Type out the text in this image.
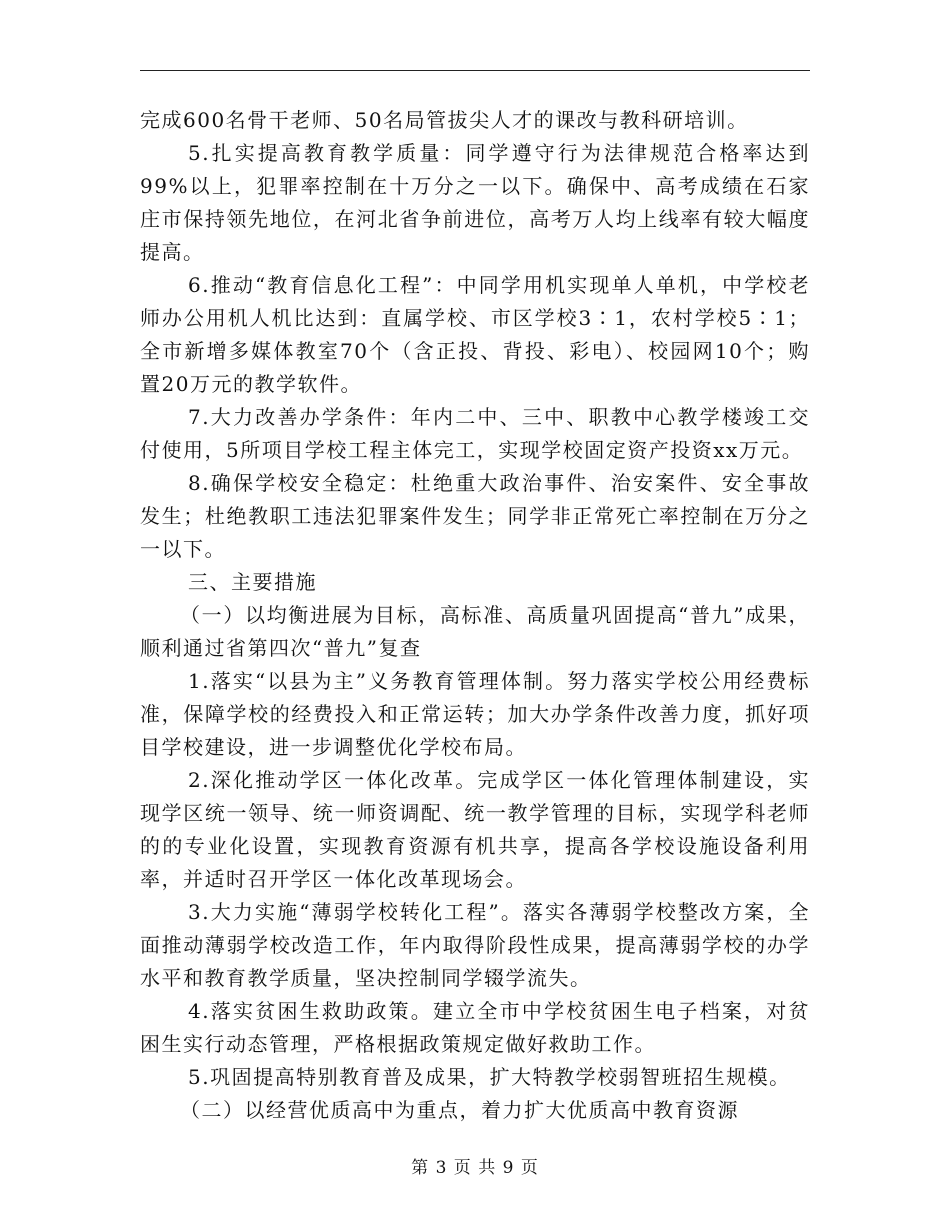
完成600名骨干老师、50名局管拔尖人才的课改与教科研培训。

5.扎实提高教育教学质量：同学遵守行为法律规范合格率达到99%以上，犯罪率控制在十万分之一以下。确保中、高考成绩在石家庄市保持领先地位，在河北省争前进位，高考万人均上线率有较大幅度提高。

6.推动“教育信息化工程”：中同学用机实现单人单机，中学校老师办公用机人机比达到：直属学校、市区学校3∶1，农村学校5∶1；全市新增多媒体教室70个（含正投、背投、彩电）、校园网10个；购置20万元的教学软件。

7.大力改善办学条件：年内二中、三中、职教中心教学楼竣工交付使用，5所项目学校工程主体完工，实现学校固定资产投资xx万元。

8.确保学校安全稳定：杜绝重大政治事件、治安案件、安全事故发生；杜绝教职工违法犯罪案件发生；同学非正常死亡率控制在万分之一以下。

三、主要措施

（一）以均衡进展为目标，高标准、高质量巩固提高“普九”成果，顺利通过省第四次“普九”复查

1.落实“以县为主”义务教育管理体制。努力落实学校公用经费标准，保障学校的经费投入和正常运转；加大办学条件改善力度，抓好项目学校建设，进一步调整优化学校布局。

2.深化推动学区一体化改革。完成学区一体化管理体制建设，实现学区统一领导、统一师资调配、统一教学管理的目标，实现学科老师的的专业化设置，实现教育资源有机共享，提高各学校设施设备利用率，并适时召开学区一体化改革现场会。

3.大力实施“薄弱学校转化工程”。落实各薄弱学校整改方案，全面推动薄弱学校改造工作，年内取得阶段性成果，提高薄弱学校的办学水平和教育教学质量，坚决控制同学辍学流失。

4.落实贫困生救助政策。建立全市中学校贫困生电子档案，对贫困生实行动态管理，严格根据政策规定做好救助工作。

5.巩固提高特别教育普及成果，扩大特教学校弱智班招生规模。

（二）以经营优质高中为重点，着力扩大优质高中教育资源

第 3 页 共 9 页
